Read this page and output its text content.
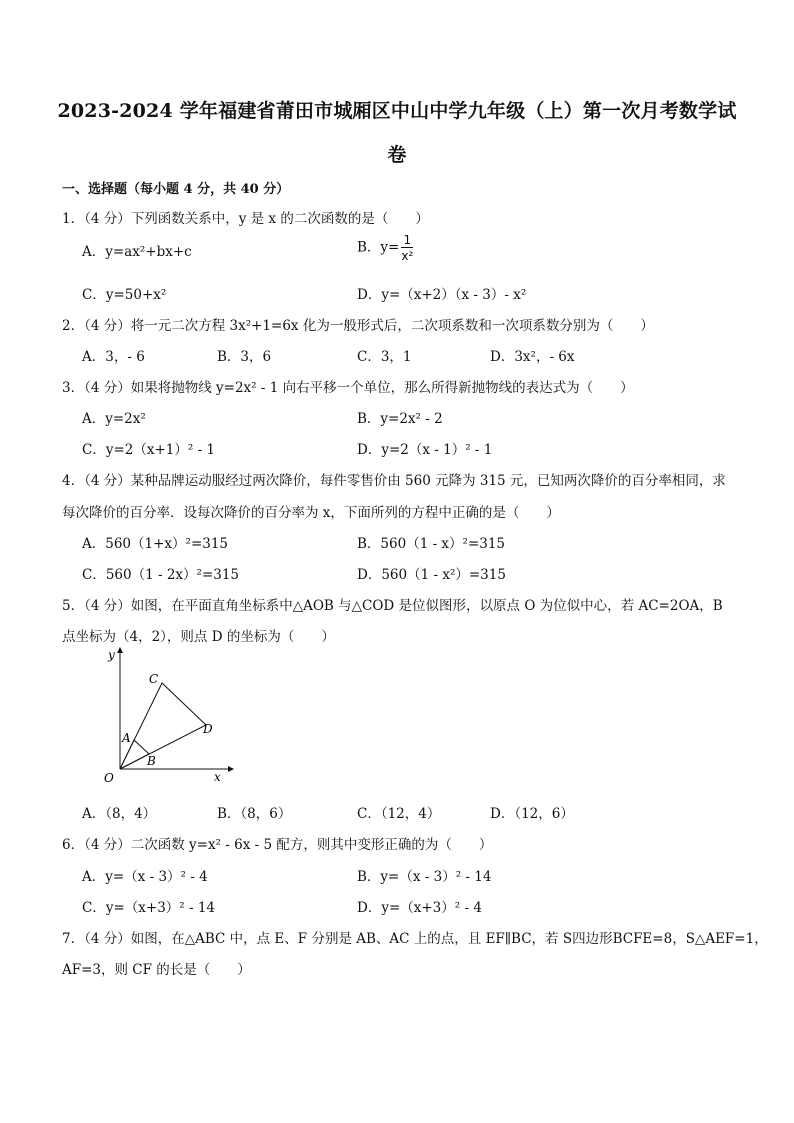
2023-2024 学年福建省莆田市城厢区中山中学九年级（上）第一次月考数学试
卷
一、选择题（每小题 4 分，共 40 分）
1．（4 分）下列函数关系中，y 是 x 的二次函数的是（　　）
A．y=ax²+bx+c	B．$y= \frac{1}{\text{x²}}$
C．y=50+x²	D．y=（x+2）（x - 3）- x²
2．（4 分）将一元二次方程 3x²+1=6x 化为一般形式后，二次项系数和一次项系数分别为（　　）
A．3，- 6	B．3，6	C．3，1	D．3x²，- 6x
3．（4 分）如果将抛物线 y=2x² - 1 向右平移一个单位，那么所得新抛物线的表达式为（　　）
A．y=2x²	B．y=2x² - 2
C．y=2（x+1）² - 1	D．y=2（x - 1）² - 1
4．（4 分）某种品牌运动服经过两次降价，每件零售价由 560 元降为 315 元，已知两次降价的百分率相同，求
每次降价的百分率．设每次降价的百分率为 x，下面所列的方程中正确的是（　　）
A．560（1+x）²=315	B．560（1 - x）²=315
C．560（1 - 2x）²=315	D．560（1 - x²）=315
5．（4 分）如图，在平面直角坐标系中△AOB 与△COD 是位似图形，以原点 O 为位似中心，若 AC=2OA，B
点坐标为（4，2），则点 D 的坐标为（　　）
y
x
O
A
B
C
D
A．（8，4）	B．（8，6）	C．（12，4）	D．（12，6）
6．（4 分）二次函数 y=x² - 6x - 5 配方，则其中变形正确的为（　　）
A．y=（x - 3）² - 4	B．y=（x - 3）² - 14
C．y=（x+3）² - 14	D．y=（x+3）² - 4
7．（4 分）如图，在△ABC 中，点 E、F 分别是 AB、AC 上的点，且 EF∥BC，若 S四边形BCFE=8，S△AEF=1，
AF=3，则 CF 的长是（　　）
